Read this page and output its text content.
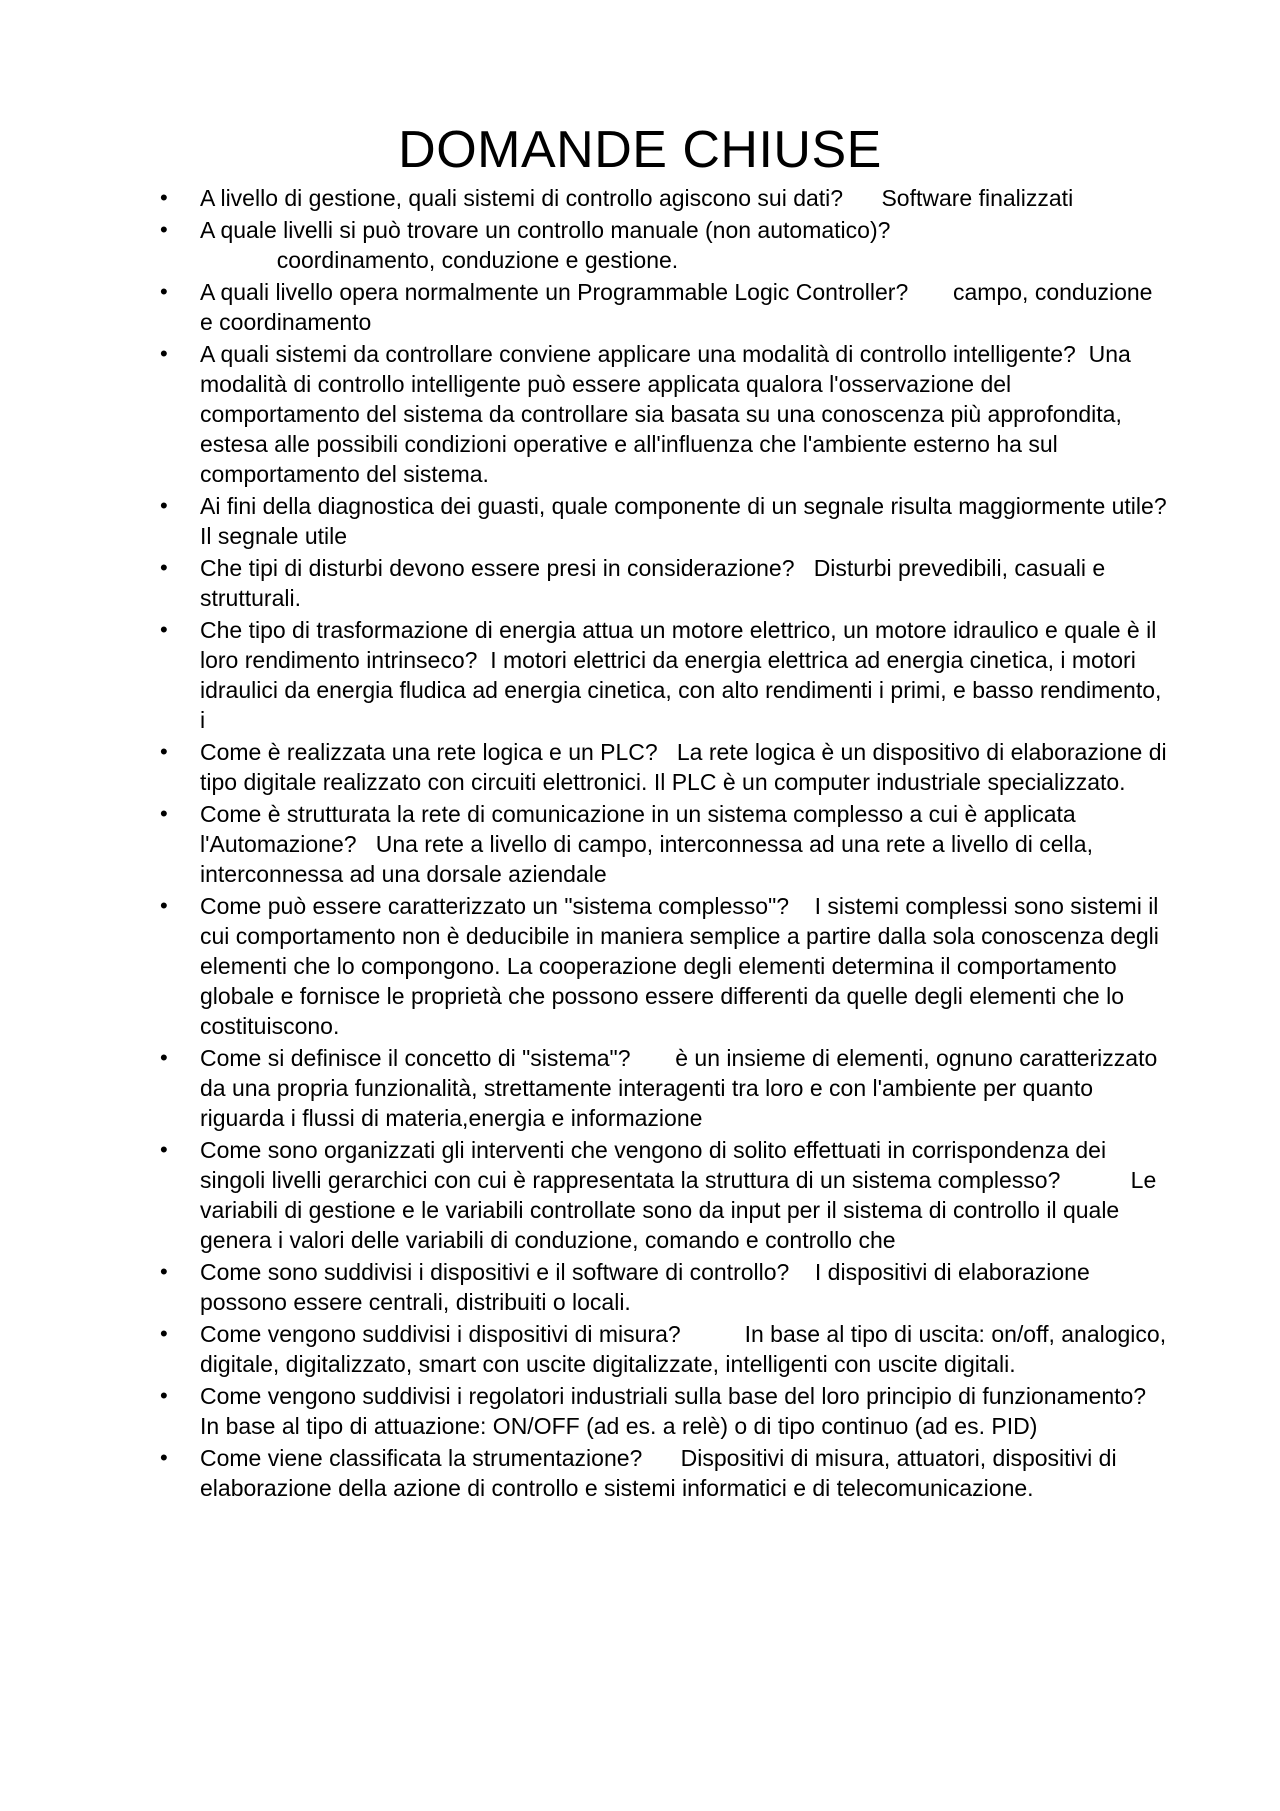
DOMANDE CHIUSE
•	A livello di gestione, quali sistemi di controllo agiscono sui dati? Software finalizzati
•	A quale livelli si può trovare un controllo manuale (non automatico)?
coordinamento, conduzione e gestione.
•	A quali livello opera normalmente un Programmable Logic Controller? campo, conduzione e coordinamento
•	A quali sistemi da controllare conviene applicare una modalità di controllo intelligente? Una modalità di controllo intelligente può essere applicata qualora l'osservazione del comportamento del sistema da controllare sia basata su una conoscenza più approfondita, estesa alle possibili condizioni operative e all'influenza che l'ambiente esterno ha sul comportamento del sistema.
•	Ai fini della diagnostica dei guasti, quale componente di un segnale risulta maggiormente utile?    Il segnale utile
•	Che tipi di disturbi devono essere presi in considerazione? Disturbi prevedibili, casuali e strutturali.
•	Che tipo di trasformazione di energia attua un motore elettrico, un motore idraulico e quale è il loro rendimento intrinseco? I motori elettrici da energia elettrica ad energia cinetica, i motori idraulici da energia fludica ad energia cinetica, con alto rendimenti i primi, e basso rendimento, i
•	Come è realizzata una rete logica e un PLC? La rete logica è un dispositivo di elaborazione di tipo digitale realizzato con circuiti elettronici. Il PLC è un computer industriale specializzato.
•	Come è strutturata la rete di comunicazione in un sistema complesso a cui è applicata l'Automazione? Una rete a livello di campo, interconnessa ad una rete a livello di cella, interconnessa ad una dorsale aziendale
•	Come può essere caratterizzato un "sistema complesso"? I sistemi complessi sono sistemi il cui comportamento non è deducibile in maniera semplice a partire dalla sola conoscenza degli elementi che lo compongono. La cooperazione degli elementi determina il comportamento globale e fornisce le proprietà che possono essere differenti da quelle degli elementi che lo costituiscono.
•	Come si definisce il concetto di "sistema"? è un insieme di elementi, ognuno caratterizzato da una propria funzionalità, strettamente interagenti tra loro e con l'ambiente per quanto riguarda i flussi di materia,energia e informazione
•	Come sono organizzati gli interventi che vengono di solito effettuati in corrispondenza dei singoli livelli gerarchici con cui è rappresentata la struttura di un sistema complesso?	Le variabili di gestione e le variabili controllate sono da input per il sistema di controllo il quale genera i valori delle variabili di conduzione, comando e controllo che
•	Come sono suddivisi i dispositivi e il software di controllo? I dispositivi di elaborazione possono essere centrali, distribuiti o locali.
•	Come vengono suddivisi i dispositivi di misura?	In base al tipo di uscita: on/off, analogico, digitale, digitalizzato, smart con uscite digitalizzate, intelligenti con uscite digitali.
•	Come vengono suddivisi i regolatori industriali sulla base del loro principio di funzionamento?       In base al tipo di attuazione: ON/OFF (ad es. a relè) o di tipo continuo (ad es. PID)
•	Come viene classificata la strumentazione? Dispositivi di misura, attuatori, dispositivi di elaborazione della azione di controllo e sistemi informatici e di telecomunicazione.
